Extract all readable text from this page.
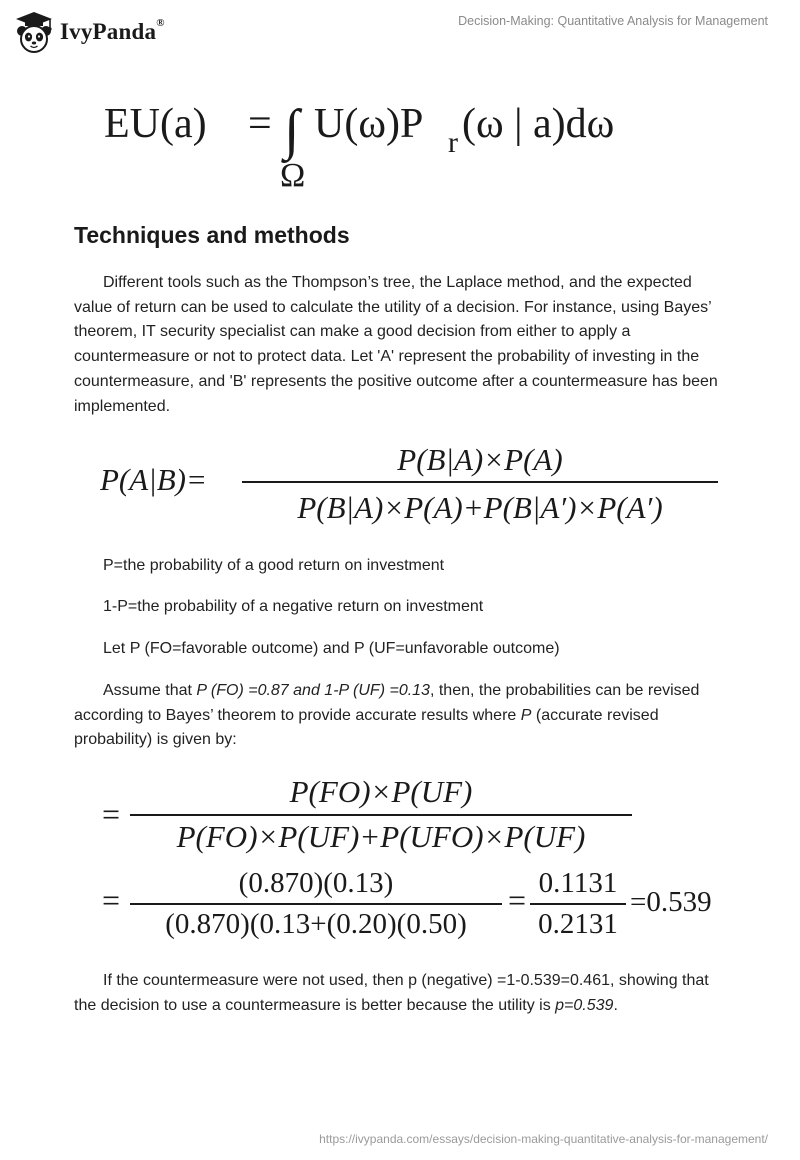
IvyPanda®	Decision-Making: Quantitative Analysis for Management
EU(a) = ∫ U(ω)P r (ω | a)dω
Ω
Techniques and methods

Different tools such as the Thompson’s tree, the Laplace method, and the expected value of return can be used to calculate the utility of a decision. For instance, using Bayes’ theorem, IT security specialist can make a good decision from either to apply a countermeasure or not to protect data. Let 'A' represent the probability of investing in the countermeasure, and 'B' represents the positive outcome after a countermeasure has been implemented.

P(A|B)=
P(B|A)×P(A)
P(B|A)×P(A)+P(B|A′)×P(A′)

P=the probability of a good return on investment

1-P=the probability of a negative return on investment

Let P (FO=favorable outcome) and P (UF=unfavorable outcome)

Assume that P (FO) =0.87 and 1-P (UF) =0.13, then, the probabilities can be revised according to Bayes’ theorem to provide accurate results where P (accurate revised probability) is given by:

=
P(FO)×P(UF)
P(FO)×P(UF)+P(UFO)×P(UF)
=	(0.870)(0.13)
(0.870)(0.13+(0.20)(0.50)
= 0.1131
0.2131
=0.539

If the countermeasure were not used, then p (negative) =1-0.539=0.461, showing that the decision to use a countermeasure is better because the utility is p=0.539.

https://ivypanda.com/essays/decision-making-quantitative-analysis-for-management/
